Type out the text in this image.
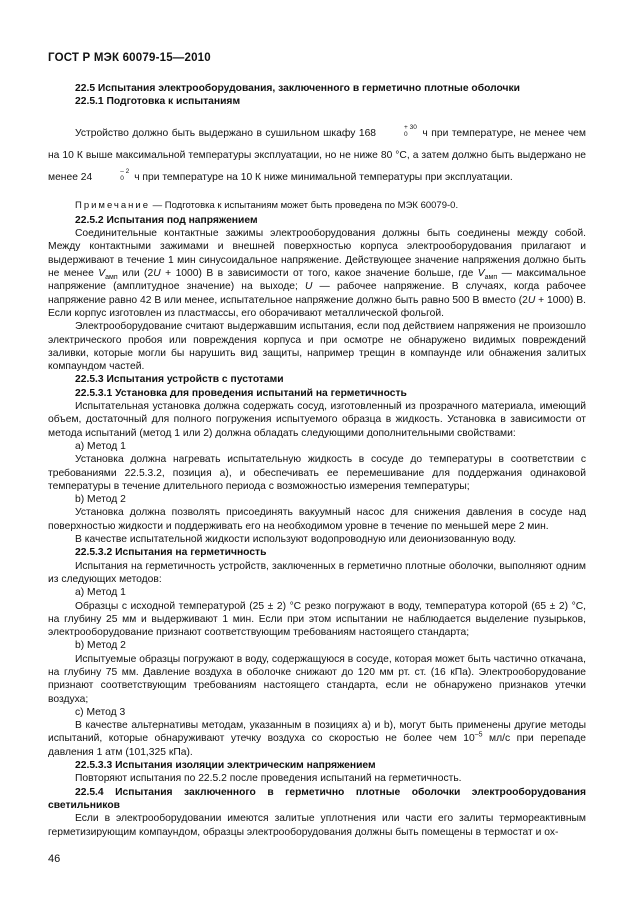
ГОСТ Р МЭК 60079-15—2010

22.5 Испытания электрооборудования, заключенного в герметично плотные оболочки

22.5.1 Подготовка к испытаниям

Устройство должно быть выдержано в сушильном шкафу 168	+ 30
0	ч при температуре, не менее чем на 10 К выше максимальной температуры эксплуатации, но не ниже 80 °С, а затем должно быть выдержано не менее 24	– 2
0 ч при температуре на 10 К ниже минимальной температуры при эксплуатации.

Примечание — Подготовка к испытаниям может быть проведена по МЭК 60079-0.

22.5.2 Испытания под напряжением

Соединительные контактные зажимы электрооборудования должны быть соединены между собой. Между контактными зажимами и внешней поверхностью корпуса электрооборудования прилагают и выдерживают в течение 1 мин синусоидальное напряжение. Действующее значение напряжения должно быть не менее $V_{амп}$ или (2U + 1000) В в зависимости от того, какое значение больше, где $V_{амп}$ — максимальное напряжение (амплитудное значение) на выходе; U — рабочее напряжение. В случаях, когда рабочее напряжение равно 42 В или менее, испытательное напряжение должно быть равно 500 В вместо (2U + 1000) В. Если корпус изготовлен из пластмассы, его оборачивают металлической фольгой.

Электрооборудование считают выдержавшим испытания, если под действием напряжения не произошло электрического пробоя или повреждения корпуса и при осмотре не обнаружено видимых повреждений заливки, которые могли бы нарушить вид защиты, например трещин в компаунде или обнажения залитых компаундом частей.

22.5.3 Испытания устройств с пустотами

22.5.3.1 Установка для проведения испытаний на герметичность

Испытательная установка должна содержать сосуд, изготовленный из прозрачного материала, имеющий объем, достаточный для полного погружения испытуемого образца в жидкость. Установка в зависимости от метода испытаний (метод 1 или 2) должна обладать следующими дополнительными свойствами:

a) Метод 1

Установка должна нагревать испытательную жидкость в сосуде до температуры в соответствии с требованиями 22.5.3.2, позиция а), и обеспечивать ее перемешивание для поддержания одинаковой температуры в течение длительного периода с возможностью измерения температуры;

b) Метод 2

Установка должна позволять присоединять вакуумный насос для снижения давления в сосуде над поверхностью жидкости и поддерживать его на необходимом уровне в течение по меньшей мере 2 мин.

В качестве испытательной жидкости используют водопроводную или деионизованную воду.

22.5.3.2 Испытания на герметичность

Испытания на герметичность устройств, заключенных в герметично плотные оболочки, выполняют одним из следующих методов:

a) Метод 1

Образцы с исходной температурой (25 ± 2) °С резко погружают в воду, температура которой (65 ± 2) °С, на глубину 25 мм и выдерживают 1 мин. Если при этом испытании не наблюдается выделение пузырьков, электрооборудование признают соответствующим требованиям настоящего стандарта;

b) Метод 2

Испытуемые образцы погружают в воду, содержащуюся в сосуде, которая может быть частично откачана, на глубину 75 мм. Давление воздуха в оболочке снижают до 120 мм рт. ст. (16 кПа). Электрооборудование признают соответствующим требованиям настоящего стандарта, если не обнаружено признаков утечки воздуха;

c) Метод 3

В качестве альтернативы методам, указанным в позициях а) и b), могут быть применены другие методы испытаний, которые обнаруживают утечку воздуха со скоростью не более чем $10^{-5}$ мл/с при перепаде давления 1 атм (101,325 кПа).

22.5.3.3 Испытания изоляции электрическим напряжением

Повторяют испытания по 22.5.2 после проведения испытаний на герметичность.

22.5.4 Испытания заключенного в герметично плотные оболочки электрооборудования светильников

Если в электрооборудовании имеются залитые уплотнения или части его залиты термореактивным герметизирующим компаундом, образцы электрооборудования должны быть помещены в термостат и ох-

46
